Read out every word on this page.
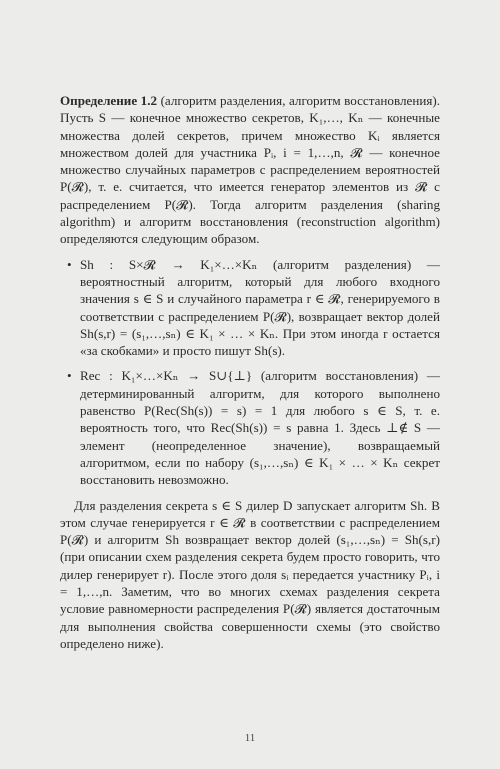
Определение 1.2 (алгоритм разделения, алгоритм восстановления). Пусть S — конечное множество секретов, K₁,…, Kₙ — конечные множества долей секретов, причем множество Kᵢ является множеством долей для участника Pᵢ, i = 1,…,n, 𝓡 — конечное множество случайных параметров с распределением вероятностей P(𝓡), т. е. считается, что имеется генератор элементов из 𝓡 с распределением P(𝓡). Тогда алгоритм разделения (sharing algorithm) и алгоритм восстановления (reconstruction algorithm) определяются следующим образом.

• Sh : S×𝓡 → K₁×…×Kₙ (алгоритм разделения) — вероятностный алгоритм, который для любого входного значения s ∈ S и случайного параметра r ∈ 𝓡, генерируемого в соответствии с распределением P(𝓡), возвращает вектор долей Sh(s,r) = (s₁,…,sₙ) ∈ K₁ × … × Kₙ. При этом иногда r остается «за скобками» и просто пишут Sh(s).
• Rec : K₁×…×Kₙ → S∪{⊥} (алгоритм восстановления) — детерминированный алгоритм, для которого выполнено равенство P(Rec(Sh(s)) = s) = 1 для любого s ∈ S, т. е. вероятность того, что Rec(Sh(s)) = s равна 1. Здесь ⊥∉ S — элемент (неопределенное значение), возвращаемый алгоритмом, если по набору (s₁,…,sₙ) ∈ K₁ × … × Kₙ секрет восстановить невозможно.

Для разделения секрета s ∈ S дилер D запускает алгоритм Sh. В этом случае генерируется r ∈ 𝓡 в соответствии с распределением P(𝓡) и алгоритм Sh возвращает вектор долей (s₁,…,sₙ) = Sh(s,r) (при описании схем разделения секрета будем просто говорить, что дилер генерирует r). После этого доля sᵢ передается участнику Pᵢ, i = 1,…,n. Заметим, что во многих схемах разделения секрета условие равномерности распределения P(𝓡) является достаточным для выполнения свойства совершенности схемы (это свойство определено ниже).

11
